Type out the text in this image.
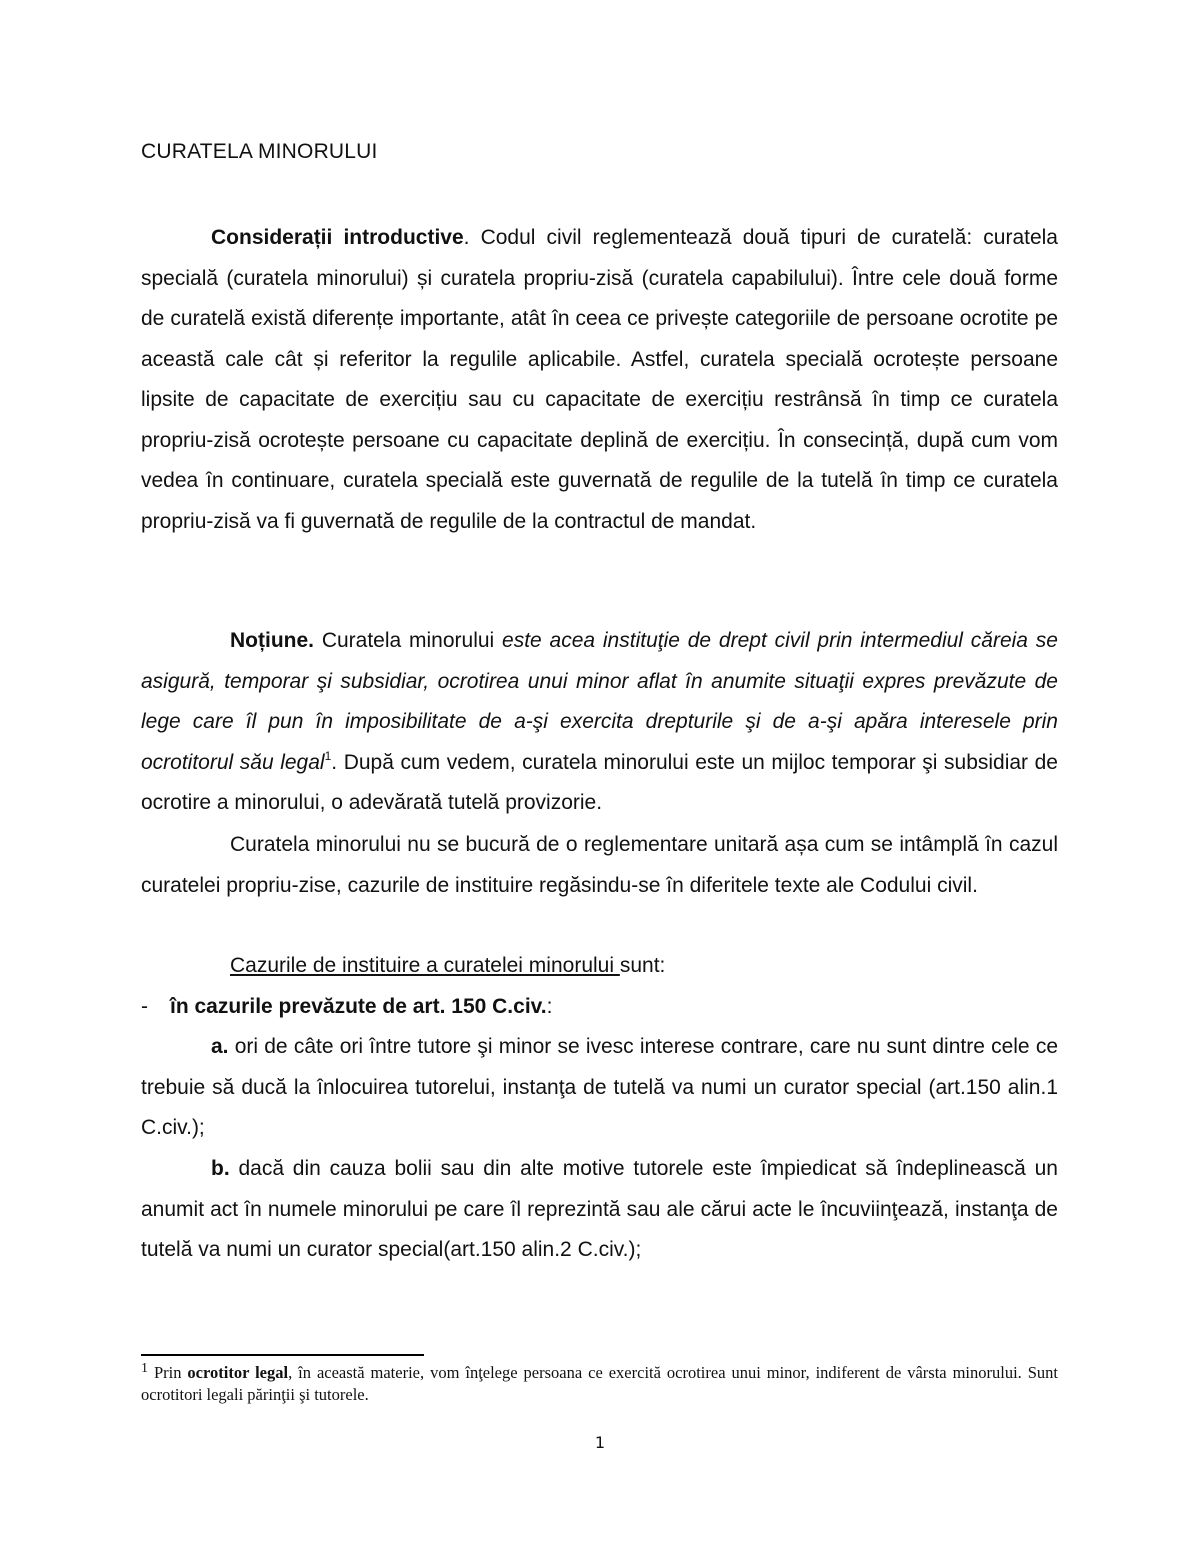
CURATELA MINORULUI

Considerații introductive. Codul civil reglementează două tipuri de curatelă: curatela specială (curatela minorului) și curatela propriu-zisă (curatela capabilului). Între cele două forme de curatelă există diferențe importante, atât în ceea ce privește categoriile de persoane ocrotite pe această cale cât și referitor la regulile aplicabile. Astfel, curatela specială ocrotește persoane lipsite de capacitate de exercițiu sau cu capacitate de exercițiu restrânsă în timp ce curatela propriu-zisă ocrotește persoane cu capacitate deplină de exercițiu. În consecință, după cum vom vedea în continuare, curatela specială este guvernată de regulile de la tutelă în timp ce curatela propriu-zisă va fi guvernată de regulile de la contractul de mandat.

Noțiune. Curatela minorului este acea instituţie de drept civil prin intermediul căreia se asigură, temporar şi subsidiar, ocrotirea unui minor aflat în anumite situaţii expres prevăzute de lege care îl pun în imposibilitate de a-şi exercita drepturile şi de a-şi apăra interesele prin ocrotitorul său legal$^1$. După cum vedem, curatela minorului este un mijloc temporar şi subsidiar de ocrotire a minorului, o adevărată tutelă provizorie.

Curatela minorului nu se bucură de o reglementare unitară așa cum se intâmplă în cazul curatelei propriu-zise, cazurile de instituire regăsindu-se în diferitele texte ale Codului civil.

Cazurile de instituire a curatelei minorului sunt:

- în cazurile prevăzute de art. 150 C.civ.:

a. ori de câte ori între tutore şi minor se ivesc interese contrare, care nu sunt dintre cele ce trebuie să ducă la înlocuirea tutorelui, instanţa de tutelă va numi un curator special (art.150 alin.1 C.civ.);

b. dacă din cauza bolii sau din alte motive tutorele este împiedicat să îndeplinească un anumit act în numele minorului pe care îl reprezintă sau ale cărui acte le încuviinţează, instanţa de tutelă va numi un curator special(art.150 alin.2 C.civ.);

$^1$ Prin ocrotitor legal, în această materie, vom înţelege persoana ce exercită ocrotirea unui minor, indiferent de vârsta minorului. Sunt ocrotitori legali părinţii şi tutorele.

1
